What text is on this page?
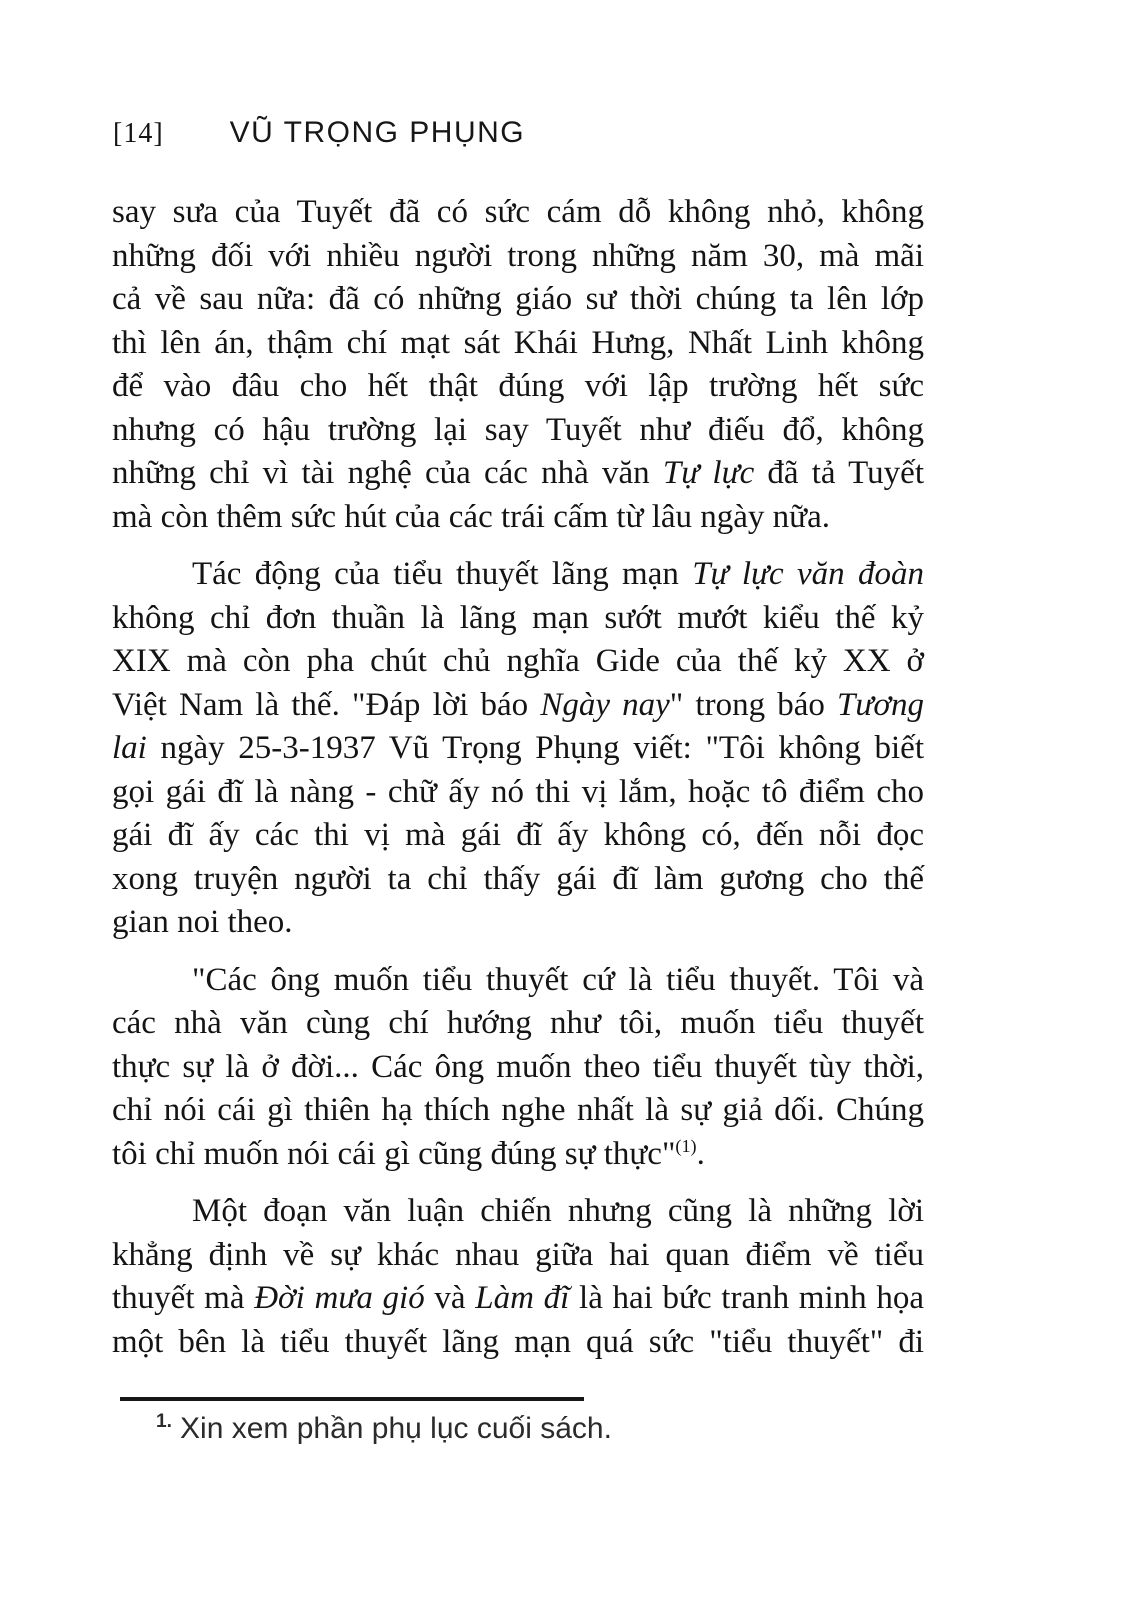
[14] VŨ TRỌNG PHỤNG

say sưa của Tuyết đã có sức cám dỗ không nhỏ, không
những đối với nhiều người trong những năm 30, mà mãi
cả về sau nữa: đã có những giáo sư thời chúng ta lên lớp
thì lên án, thậm chí mạt sát Khái Hưng, Nhất Linh không
để vào đâu cho hết thật đúng với lập trường hết sức
nhưng có hậu trường lại say Tuyết như điếu đổ, không
những chỉ vì tài nghệ của các nhà văn Tự lực đã tả Tuyết
mà còn thêm sức hút của các trái cấm từ lâu ngày nữa.

Tác động của tiểu thuyết lãng mạn Tự lực văn đoàn
không chỉ đơn thuần là lãng mạn sướt mướt kiểu thế kỷ
XIX mà còn pha chút chủ nghĩa Gide của thế kỷ XX ở
Việt Nam là thế. "Đáp lời báo Ngày nay" trong báo Tương
lai ngày 25-3-1937 Vũ Trọng Phụng viết: "Tôi không biết
gọi gái đĩ là nàng - chữ ấy nó thi vị lắm, hoặc tô điểm cho
gái đĩ ấy các thi vị mà gái đĩ ấy không có, đến nỗi đọc
xong truyện người ta chỉ thấy gái đĩ làm gương cho thế
gian noi theo.

"Các ông muốn tiểu thuyết cứ là tiểu thuyết. Tôi và
các nhà văn cùng chí hướng như tôi, muốn tiểu thuyết
thực sự là ở đời... Các ông muốn theo tiểu thuyết tùy thời,
chỉ nói cái gì thiên hạ thích nghe nhất là sự giả dối. Chúng
tôi chỉ muốn nói cái gì cũng đúng sự thực"$^{(1)}$.

Một đoạn văn luận chiến nhưng cũng là những lời
khẳng định về sự khác nhau giữa hai quan điểm về tiểu
thuyết mà Đời mưa gió và Làm đĩ là hai bức tranh minh họa
một bên là tiểu thuyết lãng mạn quá sức "tiểu thuyết" đi

$^{1.}$ Xin xem phần phụ lục cuối sách.
